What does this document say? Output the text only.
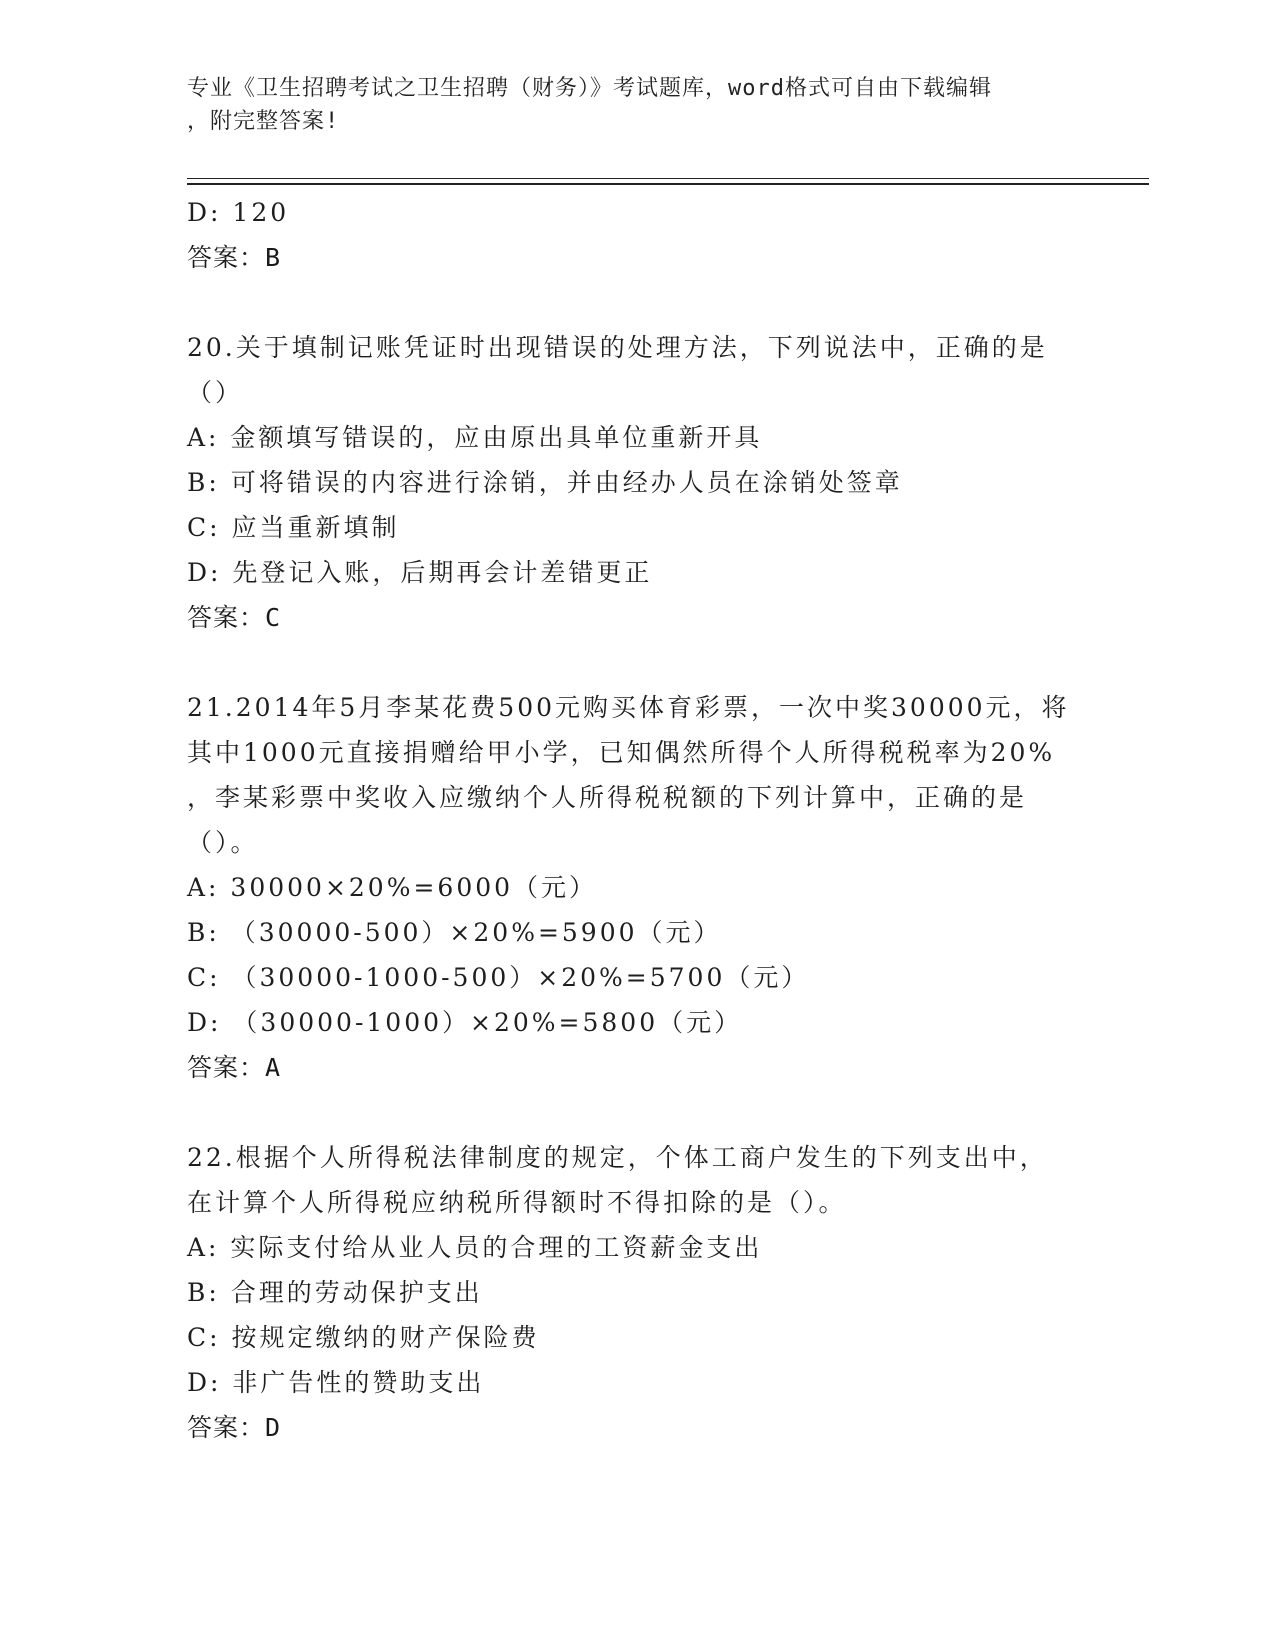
专业《卫生招聘考试之卫生招聘（财务）》考试题库，word格式可自由下载编辑
，附完整答案!
D: 120
答案：B
20.关于填制记账凭证时出现错误的处理方法，下列说法中，正确的是
（）
A: 金额填写错误的，应由原出具单位重新开具
B: 可将错误的内容进行涂销，并由经办人员在涂销处签章
C: 应当重新填制
D: 先登记入账，后期再会计差错更正
答案：C
21.2014年5月李某花费500元购买体育彩票，一次中奖30000元，将
其中1000元直接捐赠给甲小学，已知偶然所得个人所得税税率为20%
，李某彩票中奖收入应缴纳个人所得税税额的下列计算中，正确的是
（）。
A: 30000×20%=6000（元）
B: （30000-500）×20%=5900（元）
C: （30000-1000-500）×20%=5700（元）
D: （30000-1000）×20%=5800（元）
答案：A
22.根据个人所得税法律制度的规定，个体工商户发生的下列支出中，
在计算个人所得税应纳税所得额时不得扣除的是（）。
A: 实际支付给从业人员的合理的工资薪金支出
B: 合理的劳动保护支出
C: 按规定缴纳的财产保险费
D: 非广告性的赞助支出
答案：D
